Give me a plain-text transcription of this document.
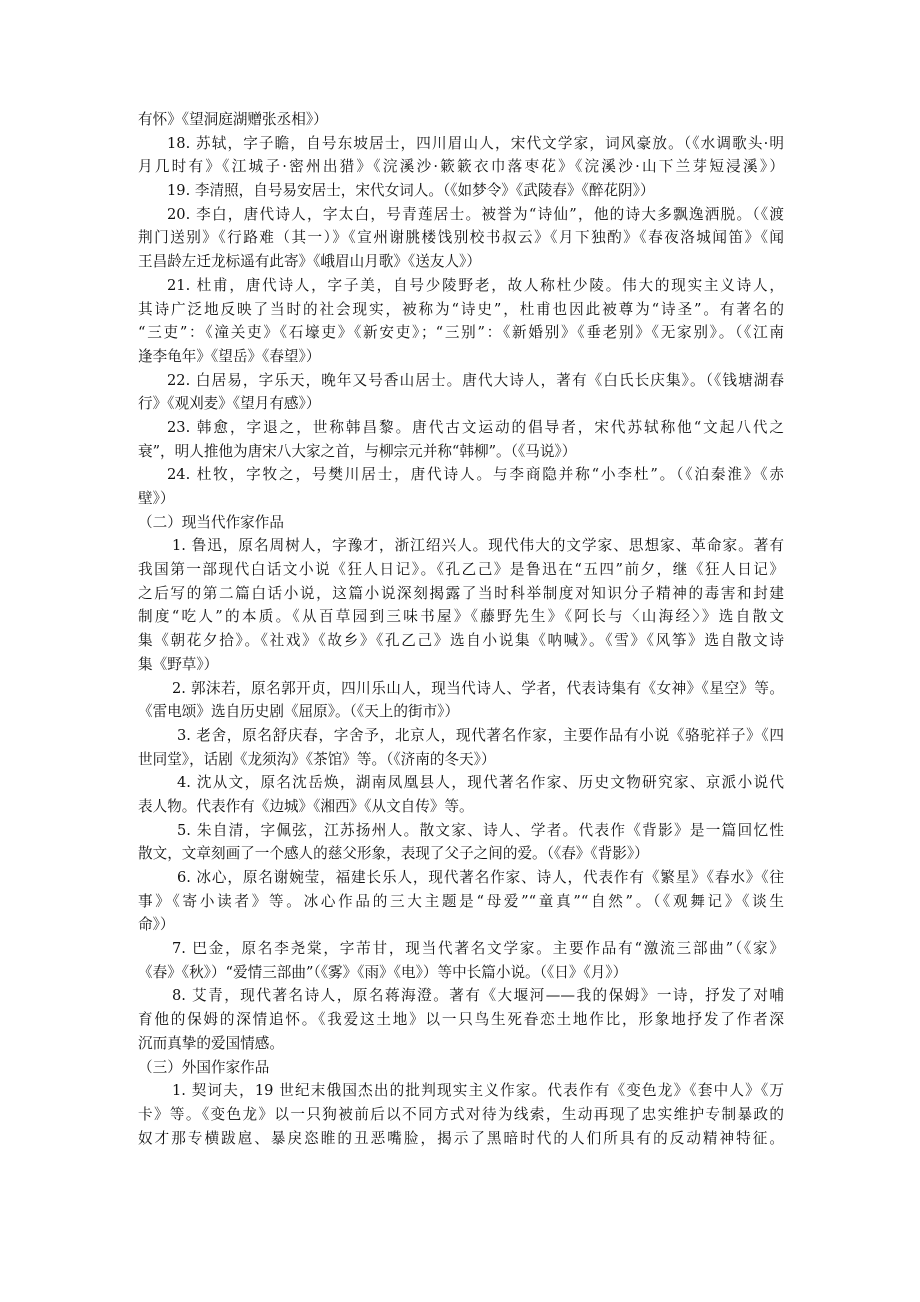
有怀》《望洞庭湖赠张丞相》）
18. 苏轼，字子瞻，自号东坡居士，四川眉山人，宋代文学家，词风豪放。（《水调歌头·明
月几时有》《江城子·密州出猎》《浣溪沙·簌簌衣巾落枣花》《浣溪沙·山下兰芽短浸溪》）
19. 李清照，自号易安居士，宋代女词人。（《如梦令》《武陵春》《醉花阴》）
20. 李白，唐代诗人，字太白，号青莲居士。被誉为“诗仙”，他的诗大多飘逸洒脱。（《渡
荆门送别》《行路难（其一）》《宣州谢朓楼饯别校书叔云》《月下独酌》《春夜洛城闻笛》《闻
王昌龄左迁龙标遥有此寄》《峨眉山月歌》《送友人》）
21. 杜甫，唐代诗人，字子美，自号少陵野老，故人称杜少陵。伟大的现实主义诗人，
其诗广泛地反映了当时的社会现实，被称为“诗史”，杜甫也因此被尊为“诗圣”。有著名的
“三吏”：《潼关吏》《石壕吏》《新安吏》；“三别”：《新婚别》《垂老别》《无家别》。（《江南
逢李龟年》《望岳》《春望》）
22. 白居易，字乐天，晚年又号香山居士。唐代大诗人，著有《白氏长庆集》。（《钱塘湖春
行》《观刈麦》《望月有感》）
23. 韩愈，字退之，世称韩昌黎。唐代古文运动的倡导者，宋代苏轼称他“文起八代之
衰”，明人推他为唐宋八大家之首，与柳宗元并称“韩柳”。（《马说》）
24. 杜牧，字牧之，号樊川居士，唐代诗人。与李商隐并称“小李杜”。（《泊秦淮》《赤
壁》）
（二）现当代作家作品
1. 鲁迅，原名周树人，字豫才，浙江绍兴人。现代伟大的文学家、思想家、革命家。著有
我国第一部现代白话文小说《狂人日记》。《孔乙己》是鲁迅在“五四”前夕，继《狂人日记》
之后写的第二篇白话小说，这篇小说深刻揭露了当时科举制度对知识分子精神的毒害和封建
制度“吃人”的本质。《从百草园到三味书屋》《藤野先生》《阿长与〈山海经〉》选自散文
集《朝花夕拾》。《社戏》《故乡》《孔乙己》选自小说集《呐喊》。《雪》《风筝》选自散文诗
集《野草》）
2. 郭沫若，原名郭开贞，四川乐山人，现当代诗人、学者，代表诗集有《女神》《星空》等。
《雷电颂》选自历史剧《屈原》。（《天上的街市》）
3. 老舍，原名舒庆春，字舍予，北京人，现代著名作家，主要作品有小说《骆驼祥子》《四
世同堂》，话剧《龙须沟》《茶馆》等。（《济南的冬天》）
4. 沈从文，原名沈岳焕，湖南凤凰县人，现代著名作家、历史文物研究家、京派小说代
表人物。代表作有《边城》《湘西》《从文自传》等。
5. 朱自清，字佩弦，江苏扬州人。散文家、诗人、学者。代表作《背影》是一篇回忆性
散文，文章刻画了一个感人的慈父形象，表现了父子之间的爱。（《春》《背影》）
6. 冰心，原名谢婉莹，福建长乐人，现代著名作家、诗人，代表作有《繁星》《春水》《往
事》《寄小读者》等。冰心作品的三大主题是“母爱”“童真”“自然”。（《观舞记》《谈生
命》）
7. 巴金，原名李尧棠，字芾甘，现当代著名文学家。主要作品有“激流三部曲”（《家》
《春》《秋》）“爱情三部曲”（《雾》《雨》《电》）等中长篇小说。（《日》《月》）
8. 艾青，现代著名诗人，原名蒋海澄。著有《大堰河——我的保姆》一诗，抒发了对哺
育他的保姆的深情追怀。《我爱这土地》以一只鸟生死眷恋土地作比，形象地抒发了作者深
沉而真挚的爱国情感。
（三）外国作家作品
1. 契诃夫，19 世纪末俄国杰出的批判现实主义作家。代表作有《变色龙》《套中人》《万
卡》等。《变色龙》以一只狗被前后以不同方式对待为线索，生动再现了忠实维护专制暴政的
奴才那专横跋扈、暴戾恣睢的丑恶嘴脸，揭示了黑暗时代的人们所具有的反动精神特征。
